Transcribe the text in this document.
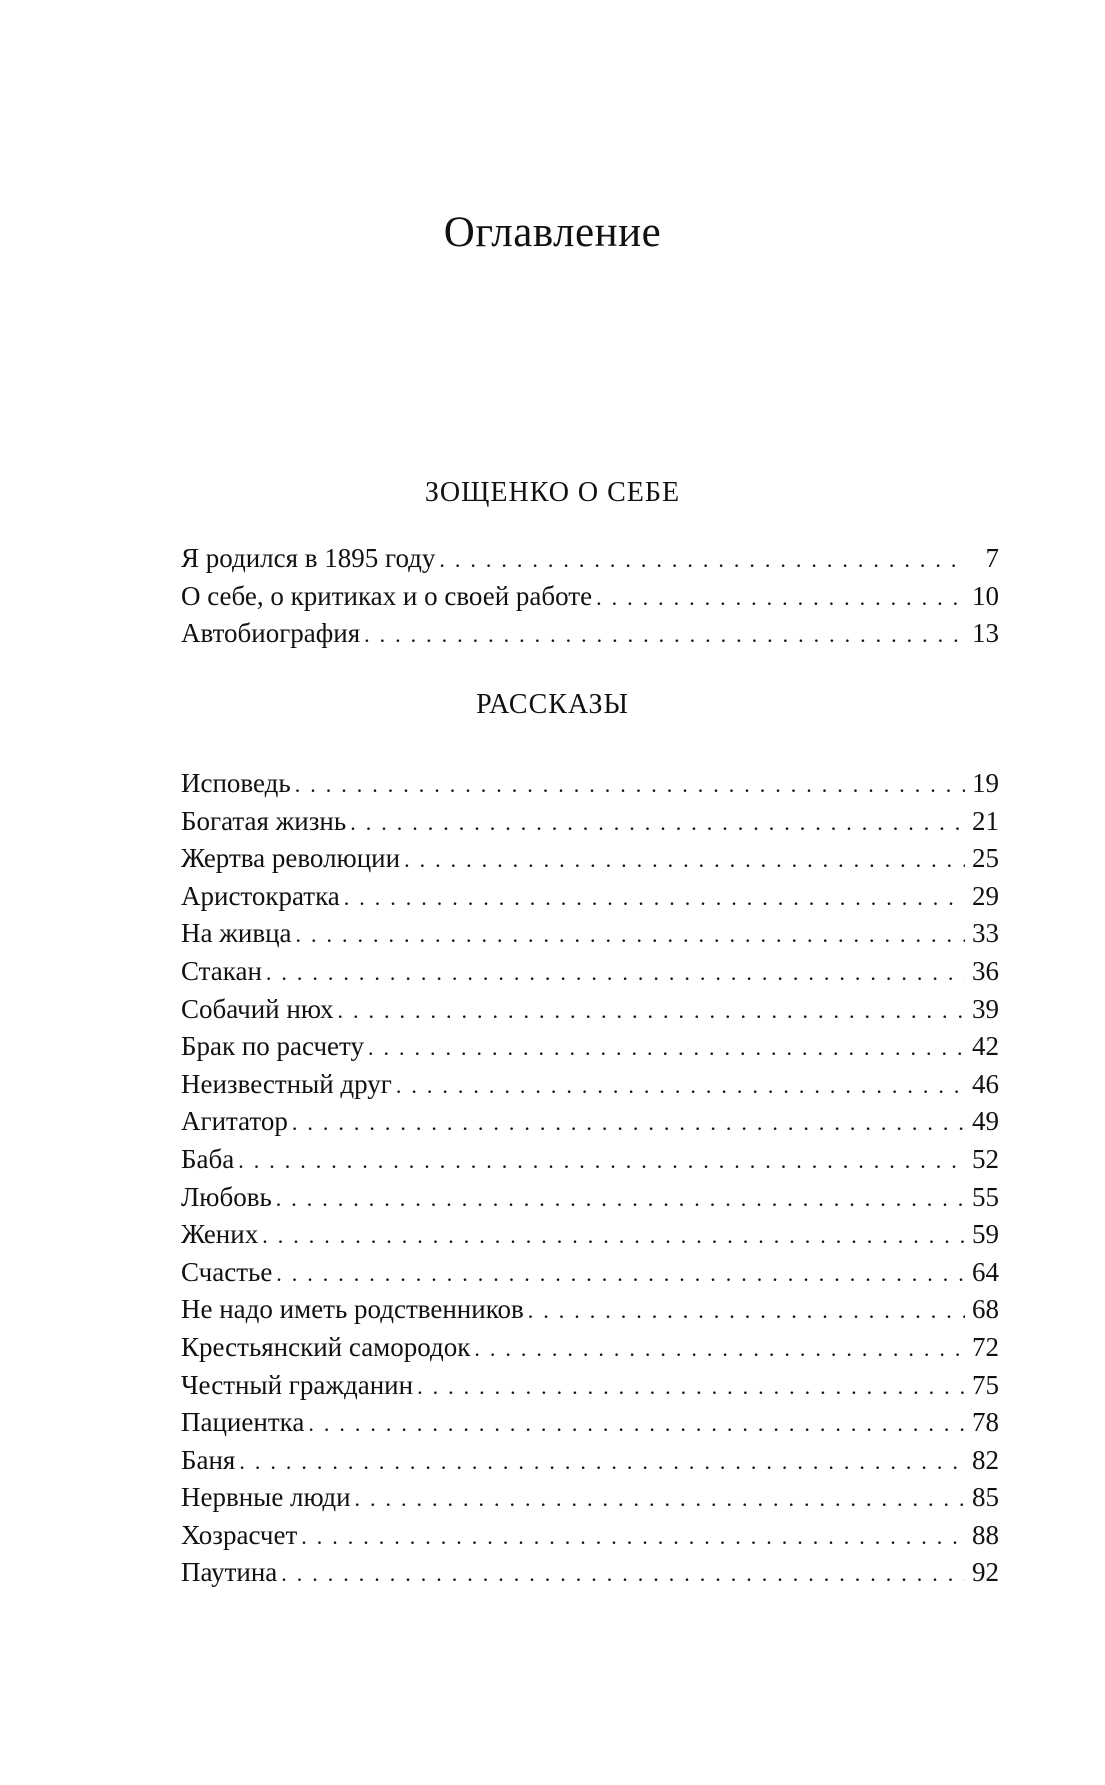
Оглавление
ЗОЩЕНКО О СЕБЕ
Я родился в 1895 году . . .	7
О себе, о критиках и о своей работе . . .	10
Автобиография . . .	13
РАССКАЗЫ
Исповедь . . .	19
Богатая жизнь . . .	21
Жертва революции . . .	25
Аристократка . . .	29
На живца . . .	33
Стакан . . .	36
Собачий нюх . . .	39
Брак по расчету . . .	42
Неизвестный друг . . .	46
Агитатор . . .	49
Баба . . .	52
Любовь . . .	55
Жених . . .	59
Счастье . . .	64
Не надо иметь родственников . . .	68
Крестьянский самородок . . .	72
Честный гражданин . . .	75
Пациентка . . .	78
Баня . . .	82
Нервные люди . . .	85
Хозрасчет . . .	88
Паутина . . .	92
